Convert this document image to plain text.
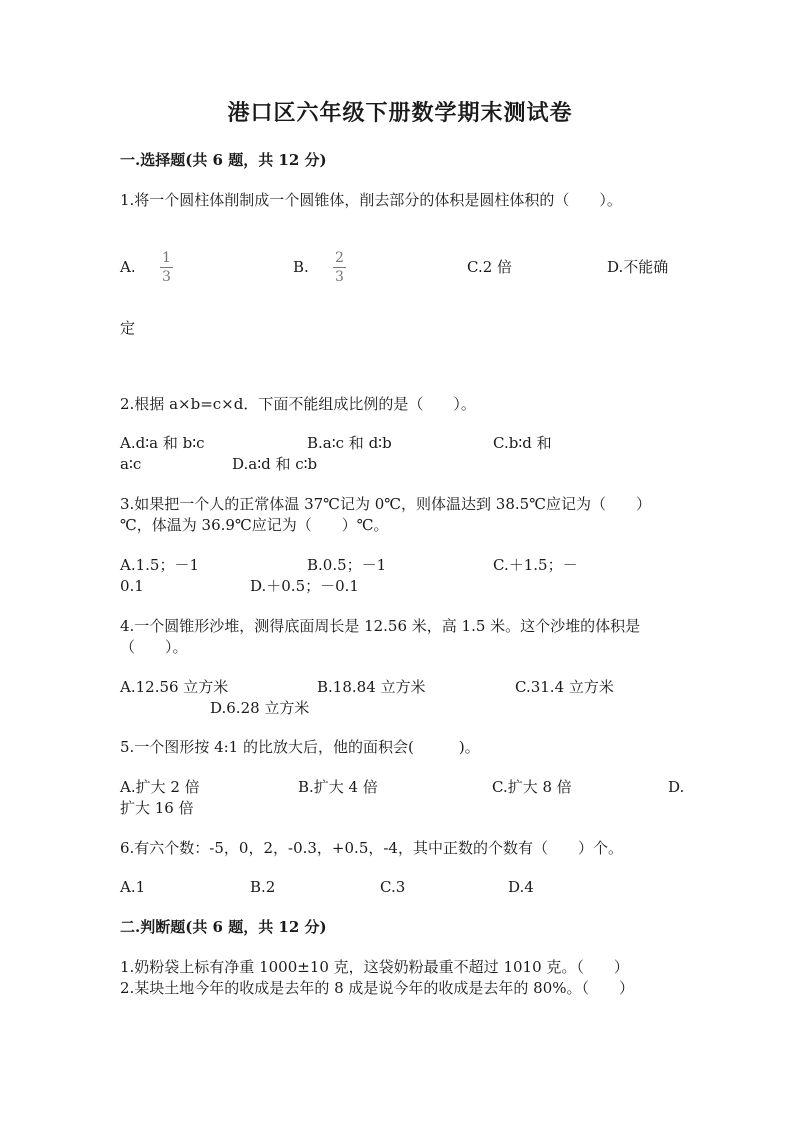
港口区六年级下册数学期末测试卷
一.选择题(共 6 题，共 12 分)
1.将一个圆柱体削制成一个圆锥体，削去部分的体积是圆柱体积的（　　）。
A. $\frac{1}{3}$	B. $\frac{2}{3}$	C.2 倍	D.不能确
定
2.根据 a×b=c×d．下面不能组成比例的是（　　）。
A.d∶a 和 b∶c	B.a∶c 和 d∶b	C.b∶d 和
a∶c	D.a∶d 和 c∶b
3.如果把一个人的正常体温 37℃记为 0℃，则体温达到 38.5℃应记为（　　）
℃，体温为 36.9℃应记为（　　）℃。
A.1.5；－1	B.0.5；－1	C.＋1.5；－
0.1	D.＋0.5；－0.1
4.一个圆锥形沙堆，测得底面周长是 12.56 米，高 1.5 米。这个沙堆的体积是
（　　）。
A.12.56 立方米	B.18.84 立方米	C.31.4 立方米
D.6.28 立方米
5.一个图形按 4:1 的比放大后，他的面积会(　　　)。
A.扩大 2 倍	B.扩大 4 倍	C.扩大 8 倍	D.
扩大 16 倍
6.有六个数：-5，0，2，-0.3，+0.5，-4，其中正数的个数有（　　）个。
A.1	B.2	C.3	D.4
二.判断题(共 6 题，共 12 分)
1.奶粉袋上标有净重 1000±10 克，这袋奶粉最重不超过 1010 克。（　　）
2.某块土地今年的收成是去年的 8 成是说今年的收成是去年的 80%。（　　）
